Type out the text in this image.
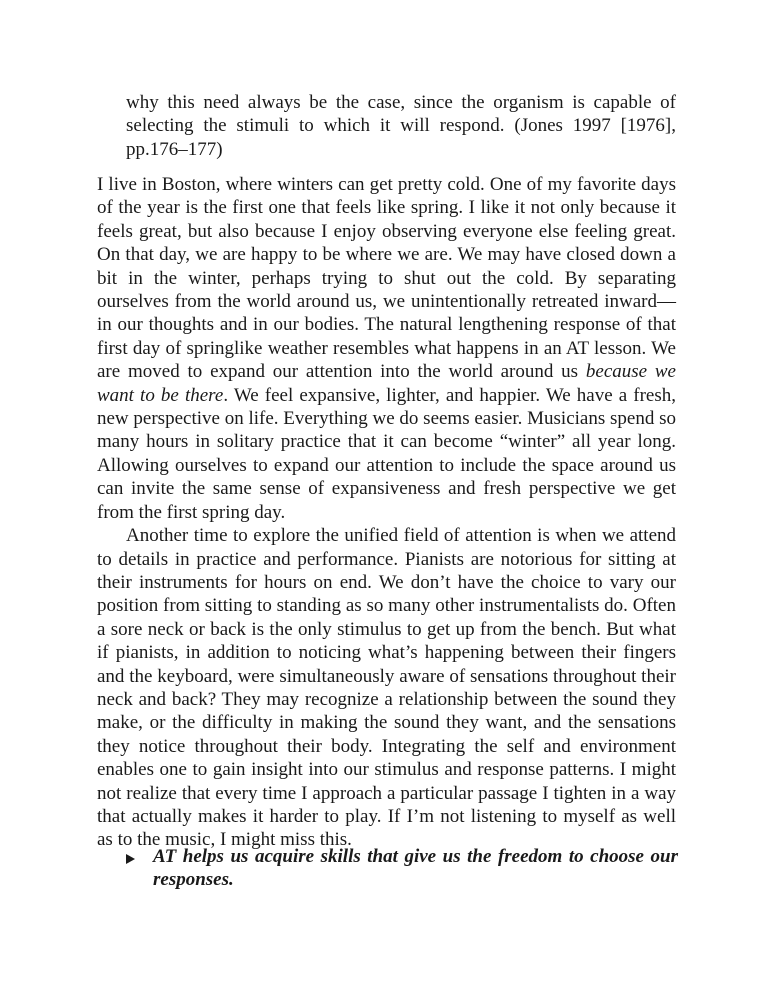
why this need always be the case, since the organism is capable of selecting the stimuli to which it will respond. (Jones 1997 [1976], pp.176–177)

I live in Boston, where winters can get pretty cold. One of my favorite days of the year is the first one that feels like spring. I like it not only because it feels great, but also because I enjoy observing everyone else feeling great. On that day, we are happy to be where we are. We may have closed down a bit in the winter, perhaps trying to shut out the cold. By separating ourselves from the world around us, we unintentionally retreated inward—in our thoughts and in our bodies. The natural lengthening response of that first day of springlike weather resembles what happens in an AT lesson. We are moved to expand our attention into the world around us because we want to be there. We feel expansive, lighter, and happier. We have a fresh, new perspective on life. Everything we do seems easier. Musicians spend so many hours in solitary practice that it can become “winter” all year long. Allowing ourselves to expand our attention to include the space around us can invite the same sense of expansiveness and fresh perspective we get from the first spring day.

Another time to explore the unified field of attention is when we attend to details in practice and performance. Pianists are notorious for sitting at their instruments for hours on end. We don’t have the choice to vary our position from sitting to standing as so many other instrumentalists do. Often a sore neck or back is the only stimulus to get up from the bench. But what if pianists, in addition to noticing what’s happening between their fingers and the keyboard, were simultaneously aware of sensations throughout their neck and back? They may recognize a relationship between the sound they make, or the difficulty in making the sound they want, and the sensations they notice throughout their body. Integrating the self and environment enables one to gain insight into our stimulus and response patterns. I might not realize that every time I approach a particular passage I tighten in a way that actually makes it harder to play. If I’m not listening to myself as well as to the music, I might miss this.

AT helps us acquire skills that give us the freedom to choose our responses.
